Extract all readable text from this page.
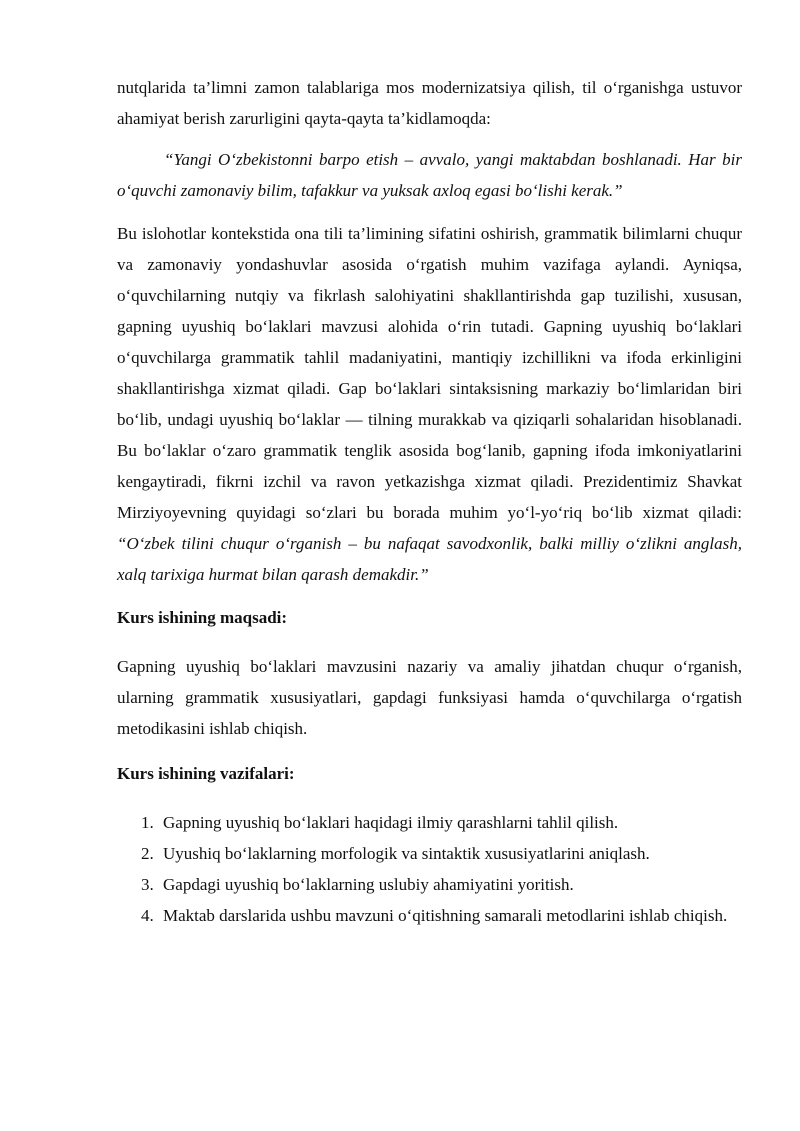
nutqlarida ta’limni zamon talablariga mos modernizatsiya qilish, til o‘rganishga ustuvor ahamiyat berish zarurligini qayta-qayta ta’kidlamoqda:

“Yangi O‘zbekistonni barpo etish – avvalo, yangi maktabdan boshlanadi. Har bir o‘quvchi zamonaviy bilim, tafakkur va yuksak axloq egasi bo‘lishi kerak.”

Bu islohotlar kontekstida ona tili ta’limining sifatini oshirish, grammatik bilimlarni chuqur va zamonaviy yondashuvlar asosida o‘rgatish muhim vazifaga aylandi. Ayniqsa, o‘quvchilarning nutqiy va fikrlash salohiyatini shakllantirishda gap tuzilishi, xususan, gapning uyushiq bo‘laklari mavzusi alohida o‘rin tutadi. Gapning uyushiq bo‘laklari o‘quvchilarga grammatik tahlil madaniyatini, mantiqiy izchillikni va ifoda erkinligini shakllantirishga xizmat qiladi. Gap bo‘laklari sintaksisning markaziy bo‘limlaridan biri bo‘lib, undagi uyushiq bo‘laklar — tilning murakkab va qiziqarli sohalaridan hisoblanadi. Bu bo‘laklar o‘zaro grammatik tenglik asosida bog‘lanib, gapning ifoda imkoniyatlarini kengaytiradi, fikrni izchil va ravon yetkazishga xizmat qiladi. Prezidentimiz Shavkat Mirziyoyevning quyidagi so‘zlari bu borada muhim yo‘l-yo‘riq bo‘lib xizmat qiladi: “O‘zbek tilini chuqur o‘rganish – bu nafaqat savodxonlik, balki milliy o‘zlikni anglash, xalq tarixiga hurmat bilan qarash demakdir.”

Kurs ishining maqsadi:

Gapning uyushiq bo‘laklari mavzusini nazariy va amaliy jihatdan chuqur o‘rganish, ularning grammatik xususiyatlari, gapdagi funksiyasi hamda o‘quvchilarga o‘rgatish metodikasini ishlab chiqish.

Kurs ishining vazifalari:

1. Gapning uyushiq bo‘laklari haqidagi ilmiy qarashlarni tahlil qilish.
2. Uyushiq bo‘laklarning morfologik va sintaktik xususiyatlarini aniqlash.
3. Gapdagi uyushiq bo‘laklarning uslubiy ahamiyatini yoritish.
4. Maktab darslarida ushbu mavzuni o‘qitishning samarali metodlarini ishlab chiqish.
